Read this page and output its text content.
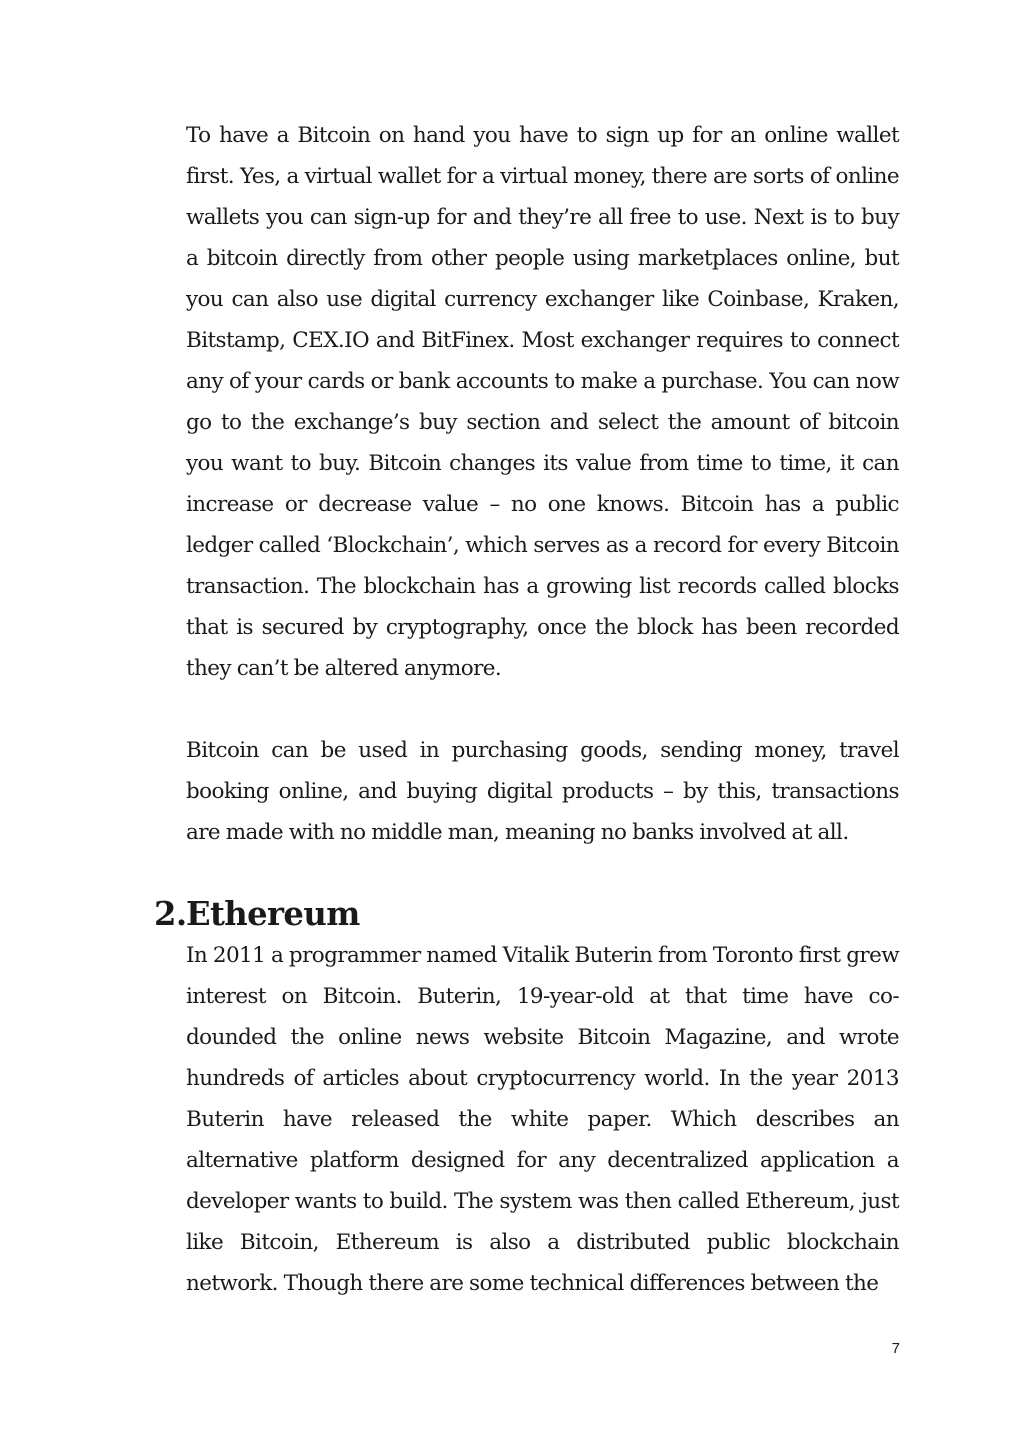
To have a Bitcoin on hand you have to sign up for an online wallet first. Yes, a virtual wallet for a virtual money, there are sorts of online wallets you can sign-up for and they’re all free to use. Next is to buy a bitcoin directly from other people using marketplaces online, but you can also use digital currency exchanger like Coinbase, Kraken, Bitstamp, CEX.IO and BitFinex. Most exchanger requires to connect any of your cards or bank accounts to make a purchase. You can now go to the exchange’s buy section and select the amount of bitcoin you want to buy. Bitcoin changes its value from time to time, it can increase or decrease value – no one knows. Bitcoin has a public ledger called ‘Blockchain’, which serves as a record for every Bitcoin transaction. The blockchain has a growing list records called blocks that is secured by cryptography, once the block has been recorded they can’t be altered anymore.

Bitcoin can be used in purchasing goods, sending money, travel booking online, and buying digital products – by this, transactions are made with no middle man, meaning no banks involved at all.

2. Ethereum

In 2011 a programmer named Vitalik Buterin from Toronto first grew interest on Bitcoin. Buterin, 19-year-old at that time have co-dounded the online news website Bitcoin Magazine, and wrote hundreds of articles about cryptocurrency world. In the year 2013 Buterin have released the white paper. Which describes an alternative platform designed for any decentralized application a developer wants to build. The system was then called Ethereum, just like Bitcoin, Ethereum is also a distributed public blockchain network. Though there are some technical differences between the

7
